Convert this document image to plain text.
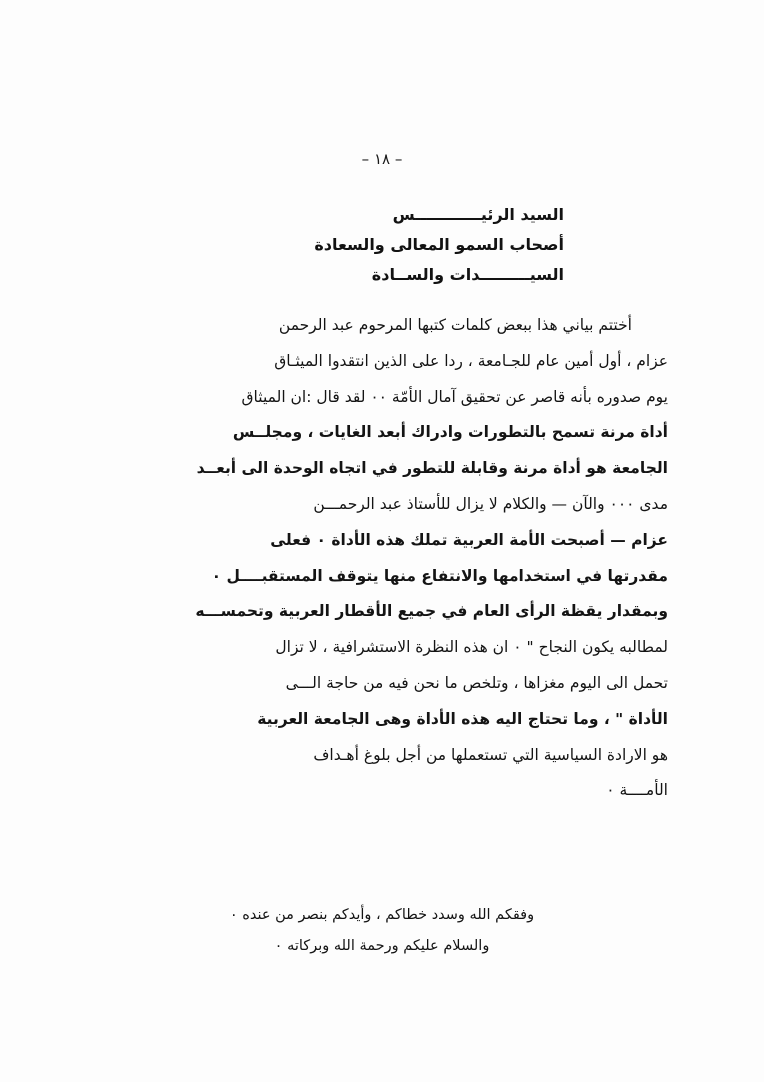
– ١٨ –
السيد الرئيــــــــــــس
أصحاب السمو المعالى والسعادة
السيـــــــــدات والســادة

أختتم بياني هذا ببعض كلمات كتبها المرحوم عبد الرحمن

عزام ، أول أمين عام للجـامعة ، ردا على الذين انتقدوا الميثـاق

يوم صدوره بأنه قاصر عن تحقيق آمال الأمّة ٠٠ لقد قال :ان الميثاق

أداة مرنة تسمح بالتطورات وادراك أبعد الغايات ، ومجلــس

الجامعة هو أداة مرنة وقابلة للتطور في اتجاه الوحدة الى أبعــد

مدى ٠٠٠ والآن — والكلام لا يزال للأستاذ عبد الرحمـــن

عزام — أصبحت الأمة العربية تملك هذه الأداة ٠ فعلى

مقدرتها في استخدامها والانتفاع منها يتوقف المستقبــــل ٠

وبمقدار يقظة الرأى العام في جميع الأقطار العربية وتحمســـه

لمطالبه يكون النجاح " ٠ ان هذه النظرة الاستشرافية ، لا تزال

تحمل الى اليوم مغزاها ، وتلخص ما نحن فيه من حاجة الـــى

الأداة " ، وما تحتاج اليه هذه الأداة وهى الجامعة العربية

هو الارادة السياسية التي تستعملها من أجل بلوغ أهـداف

الأمــــة ٠

وفقكم الله وسدد خطاكم ، وأيدكم بنصر من عنده ٠

والسلام عليكم ورحمة الله وبركاته ٠
